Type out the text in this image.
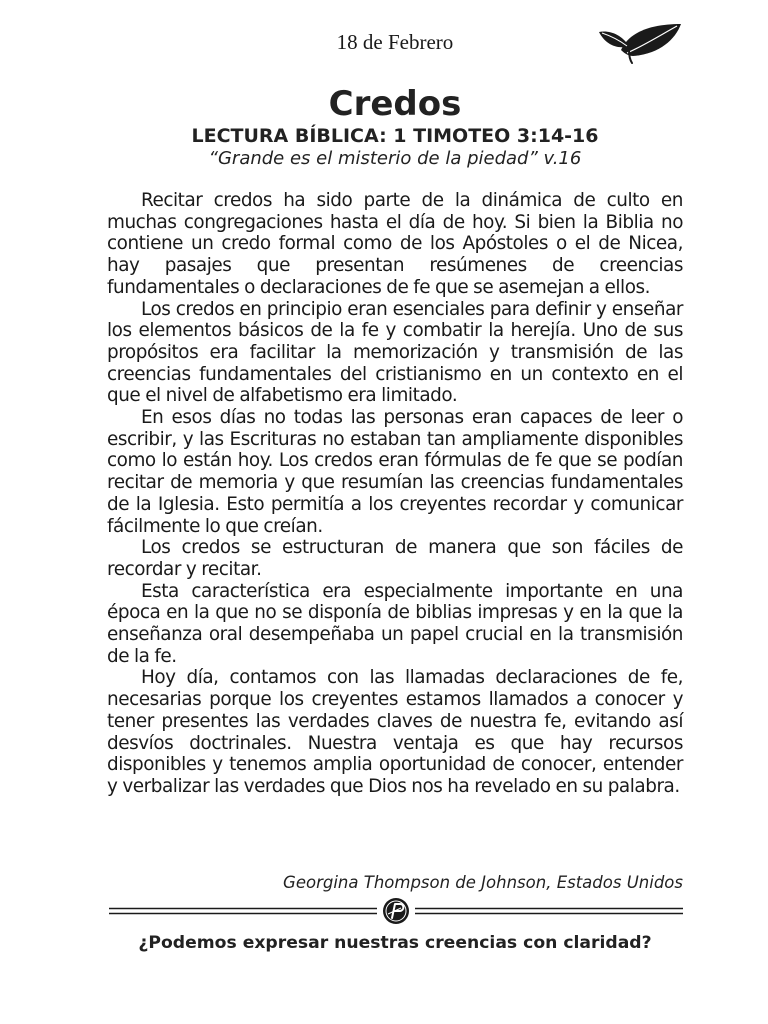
18 de Febrero
Credos
LECTURA BÍBLICA: 1 TIMOTEO 3:14-16
“Grande es el misterio de la piedad” v.16

Recitar credos ha sido parte de la dinámica de culto en muchas congregaciones hasta el día de hoy. Si bien la Biblia no contiene un credo formal como de los Apóstoles o el de Nicea, hay pasajes que presentan resúmenes de creencias fundamentales o declaraciones de fe que se asemejan a ellos.

Los credos en principio eran esenciales para definir y enseñar los elementos básicos de la fe y combatir la herejía. Uno de sus propósitos era facilitar la memorización y transmisión de las creencias fundamentales del cristianismo en un contexto en el que el nivel de alfabetismo era limitado.

En esos días no todas las personas eran capaces de leer o escribir, y las Escrituras no estaban tan ampliamente disponibles como lo están hoy. Los credos eran fórmulas de fe que se podían recitar de memoria y que resumían las creencias fundamentales de la Iglesia. Esto permitía a los creyentes recordar y comunicar fácilmente lo que creían.

Los credos se estructuran de manera que son fáciles de recordar y recitar.

Esta característica era especialmente importante en una época en la que no se disponía de biblias impresas y en la que la enseñanza oral desempeñaba un papel crucial en la transmisión de la fe.

Hoy día, contamos con las llamadas declaraciones de fe, necesarias porque los creyentes estamos llamados a conocer y tener presentes las verdades claves de nuestra fe, evitando así desvíos doctrinales. Nuestra ventaja es que hay recursos disponibles y tenemos amplia oportunidad de conocer, entender y verbalizar las verdades que Dios nos ha revelado en su palabra.

Georgina Thompson de Johnson, Estados Unidos
¿Podemos expresar nuestras creencias con claridad?
